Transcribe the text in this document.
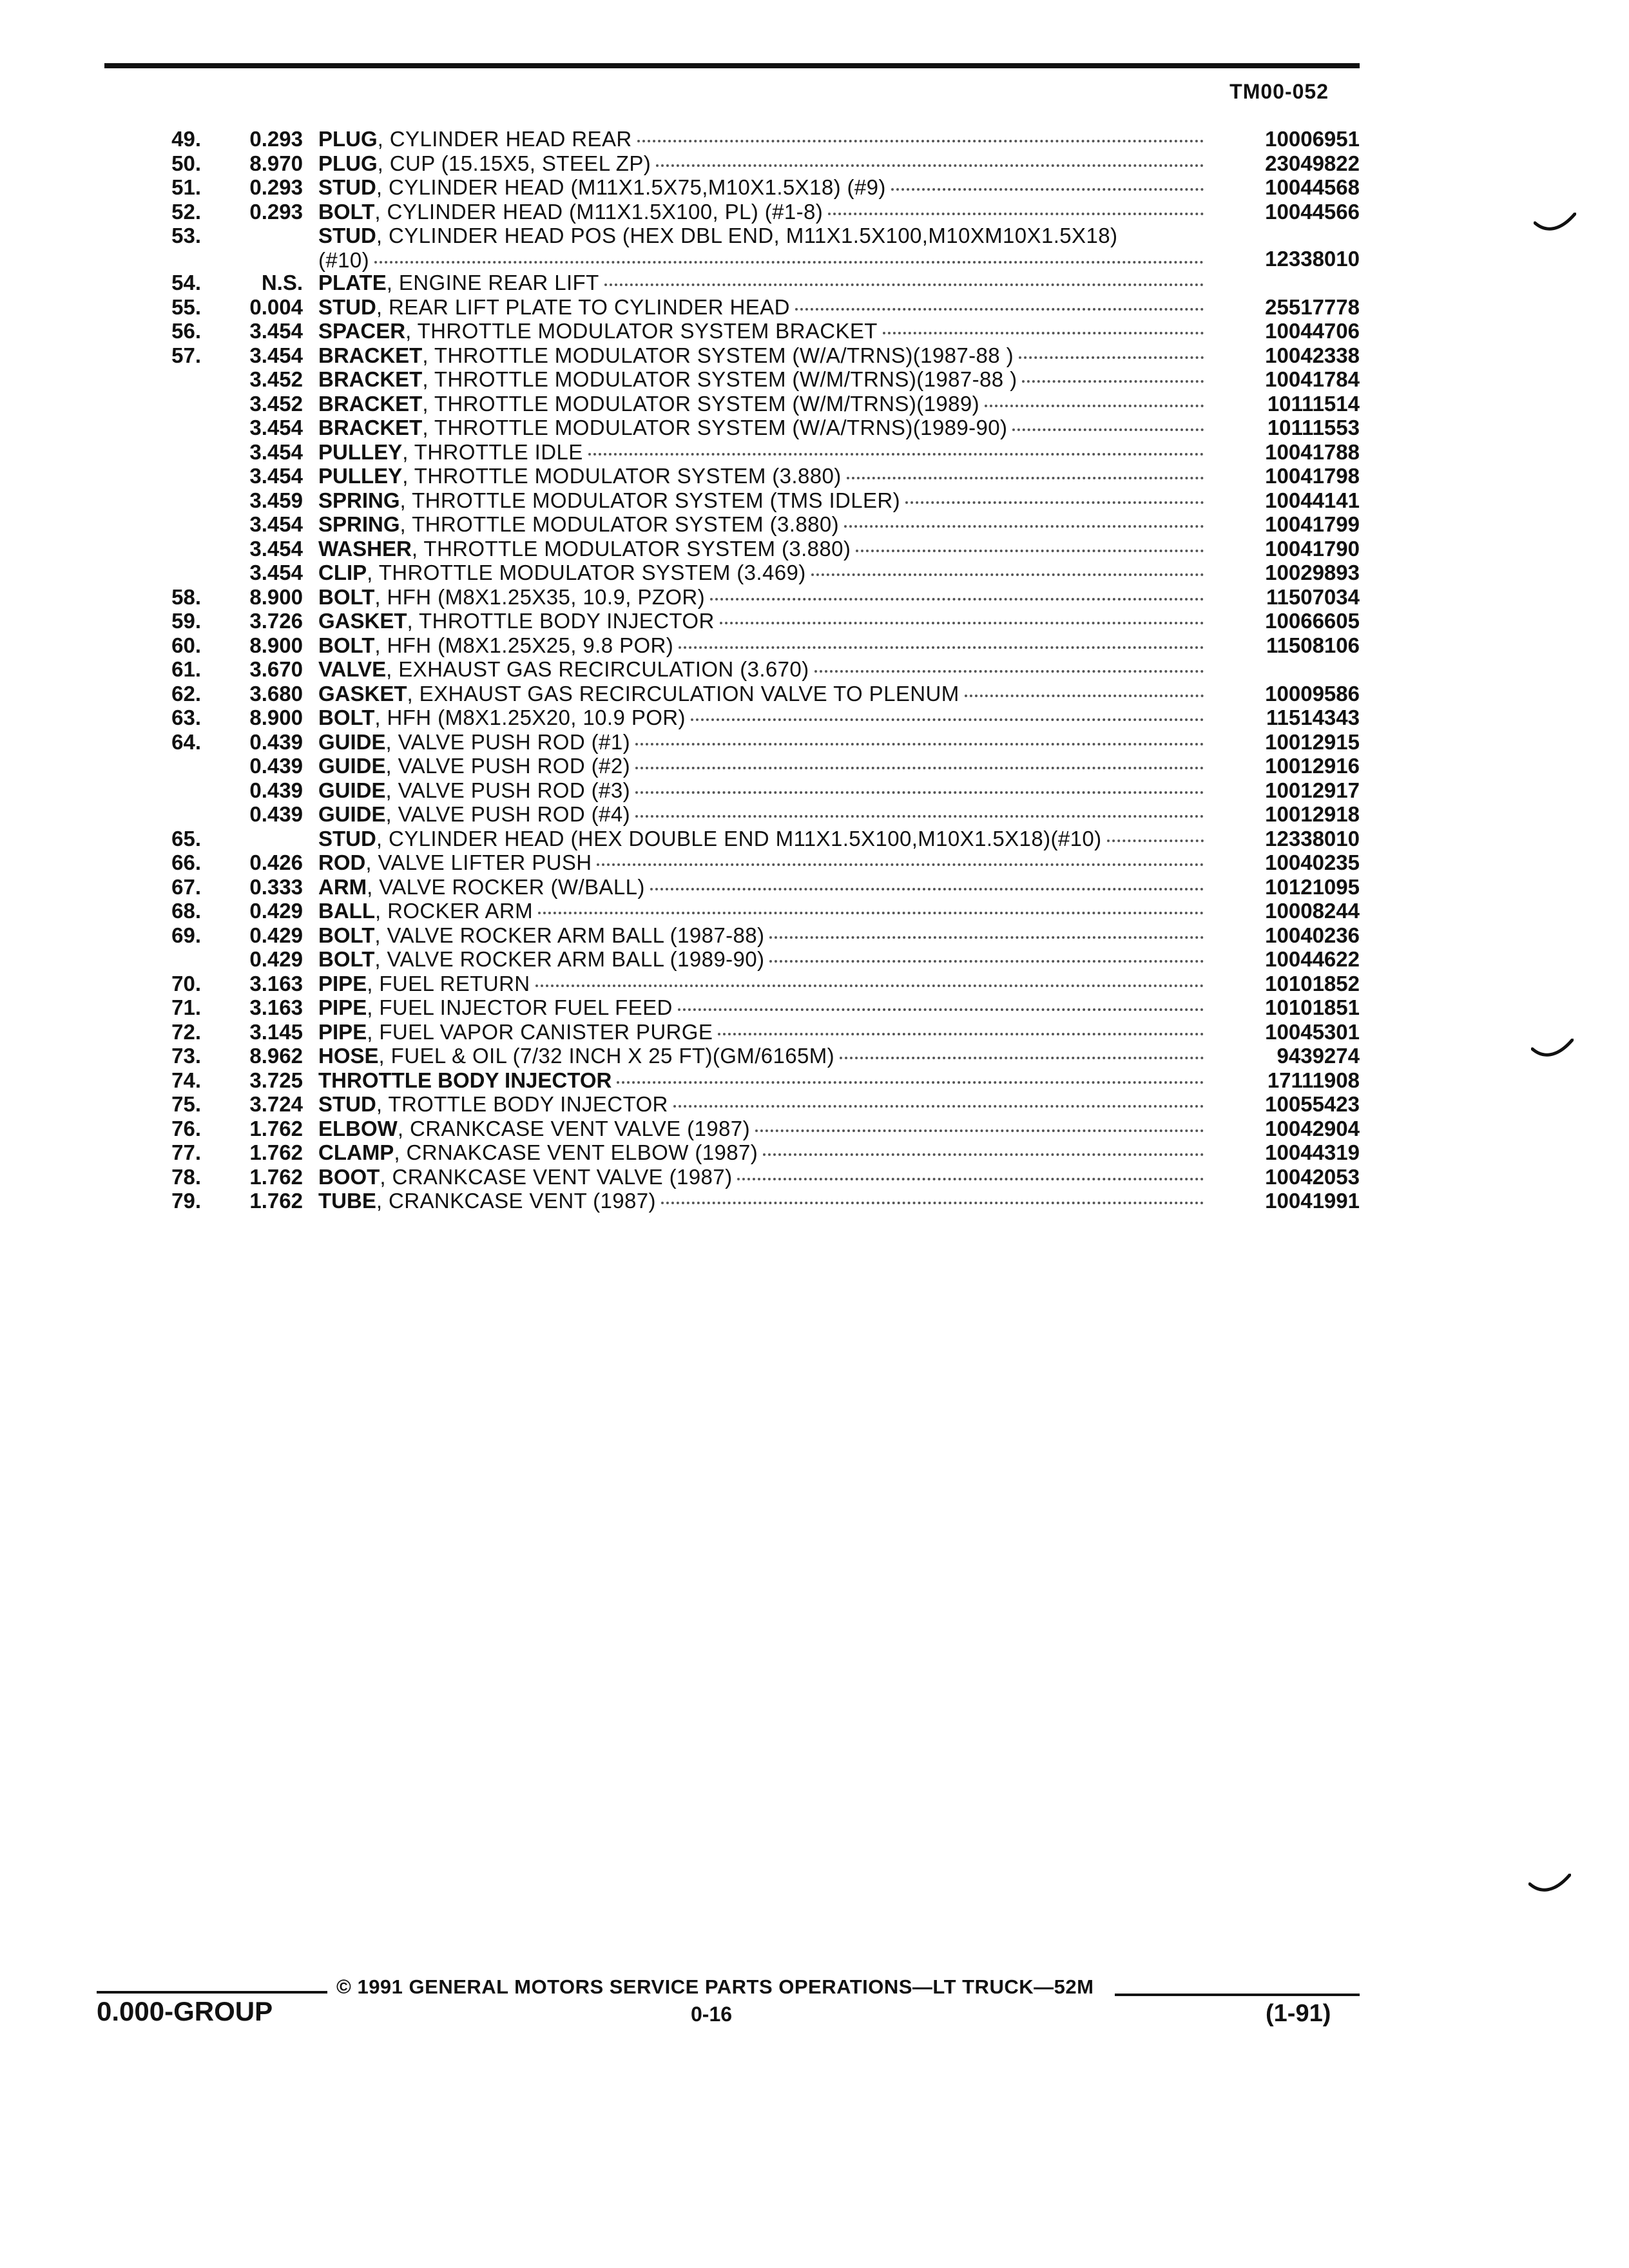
TM00-052
49.	0.293 PLUG , CYLINDER HEAD REAR	10006951
50.	8.970 PLUG , CUP (15.15X5, STEEL ZP)	23049822
51.	0.293 STUD , CYLINDER HEAD (M11X1.5X75,M10X1.5X18) (#9)	10044568
52.	0.293 BOLT , CYLINDER HEAD (M11X1.5X100, PL) (#1-8)	10044566
53.	STUD , CYLINDER HEAD POS (HEX DBL END, M11X1.5X100,M10XM10X1.5X18)
(#10)	12338010
54.	N.S. PLATE , ENGINE REAR LIFT
55.	0.004 STUD , REAR LIFT PLATE TO CYLINDER HEAD	25517778
56.	3.454 SPACER , THROTTLE MODULATOR SYSTEM BRACKET	10044706
57.	3.454 BRACKET , THROTTLE MODULATOR SYSTEM (W/A/TRNS)(1987-88 )	10042338
3.452 BRACKET , THROTTLE MODULATOR SYSTEM (W/M/TRNS)(1987-88 )	10041784
3.452 BRACKET , THROTTLE MODULATOR SYSTEM (W/M/TRNS)(1989)	10111514
3.454 BRACKET , THROTTLE MODULATOR SYSTEM (W/A/TRNS)(1989-90)	10111553
3.454 PULLEY , THROTTLE IDLE	10041788
3.454 PULLEY , THROTTLE MODULATOR SYSTEM (3.880)	10041798
3.459 SPRING , THROTTLE MODULATOR SYSTEM (TMS IDLER)	10044141
3.454 SPRING , THROTTLE MODULATOR SYSTEM (3.880)	10041799
3.454 WASHER , THROTTLE MODULATOR SYSTEM (3.880)	10041790
3.454 CLIP , THROTTLE MODULATOR SYSTEM (3.469)	10029893
58.	8.900 BOLT , HFH (M8X1.25X35, 10.9, PZOR)	11507034
59.	3.726 GASKET , THROTTLE BODY INJECTOR	10066605
60.	8.900 BOLT , HFH (M8X1.25X25, 9.8 POR)	11508106
61.	3.670 VALVE , EXHAUST GAS RECIRCULATION (3.670)
62.	3.680 GASKET , EXHAUST GAS RECIRCULATION VALVE TO PLENUM	10009586
63.	8.900 BOLT , HFH (M8X1.25X20, 10.9 POR)	11514343
64.	0.439 GUIDE , VALVE PUSH ROD (#1)	10012915
0.439 GUIDE , VALVE PUSH ROD (#2)	10012916
0.439 GUIDE , VALVE PUSH ROD (#3)	10012917
0.439 GUIDE , VALVE PUSH ROD (#4)	10012918
65.	STUD , CYLINDER HEAD (HEX DOUBLE END M11X1.5X100,M10X1.5X18)(#10)	12338010
66.	0.426 ROD , VALVE LIFTER PUSH	10040235
67.	0.333 ARM , VALVE ROCKER (W/BALL)	10121095
68.	0.429 BALL , ROCKER ARM	10008244
69.	0.429 BOLT , VALVE ROCKER ARM BALL (1987-88)	10040236
0.429 BOLT , VALVE ROCKER ARM BALL (1989-90)	10044622
70.	3.163 PIPE , FUEL RETURN	10101852
71.	3.163 PIPE , FUEL INJECTOR FUEL FEED	10101851
72.	3.145 PIPE , FUEL VAPOR CANISTER PURGE	10045301
73.	8.962 HOSE , FUEL & OIL (7/32 INCH X 25 FT)(GM/6165M)	9439274
74.	3.725 THROTTLE BODY INJECTOR	17111908
75.	3.724 STUD , TROTTLE BODY INJECTOR	10055423
76.	1.762 ELBOW , CRANKCASE VENT VALVE (1987)	10042904
77.	1.762 CLAMP , CRNAKCASE VENT ELBOW (1987)	10044319
78.	1.762 BOOT , CRANKCASE VENT VALVE (1987)	10042053
79.	1.762 TUBE , CRANKCASE VENT (1987)	10041991
© 1991 GENERAL MOTORS SERVICE PARTS OPERATIONS—LT TRUCK—52M
0.000-GROUP	0-16	(1-91)
